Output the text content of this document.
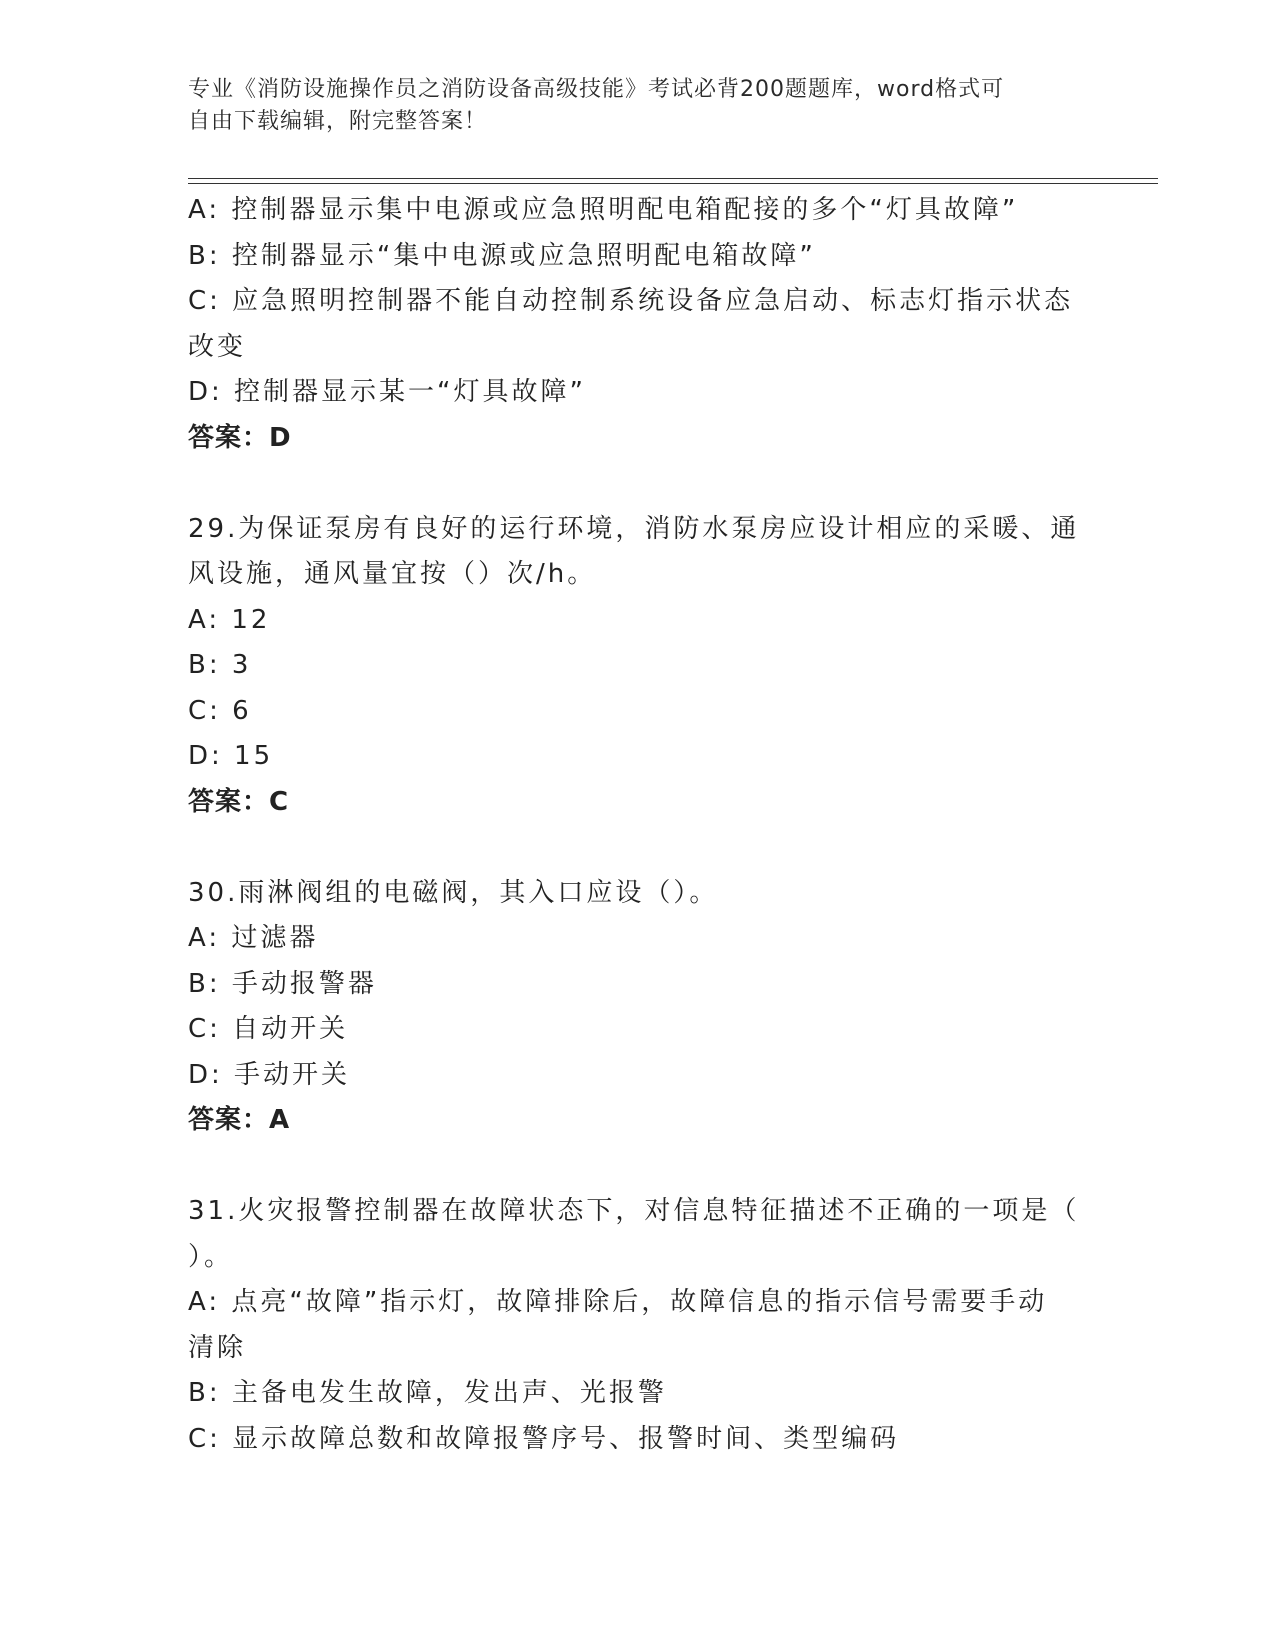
专业《消防设施操作员之消防设备高级技能》考试必背200题题库，word格式可
自由下载编辑，附完整答案！
A: 控制器显示集中电源或应急照明配电箱配接的多个“灯具故障”
B: 控制器显示“集中电源或应急照明配电箱故障”
C: 应急照明控制器不能自动控制系统设备应急启动、标志灯指示状态
改变
D: 控制器显示某一“灯具故障”
答案：D
29.为保证泵房有良好的运行环境，消防水泵房应设计相应的采暖、通
风设施，通风量宜按（）次/h。
A: 12
B: 3
C: 6
D: 15
答案：C
30.雨淋阀组的电磁阀，其入口应设（）。
A: 过滤器
B: 手动报警器
C: 自动开关
D: 手动开关
答案：A
31.火灾报警控制器在故障状态下，对信息特征描述不正确的一项是（
）。
A: 点亮“故障”指示灯，故障排除后，故障信息的指示信号需要手动
清除
B: 主备电发生故障，发出声、光报警
C: 显示故障总数和故障报警序号、报警时间、类型编码
